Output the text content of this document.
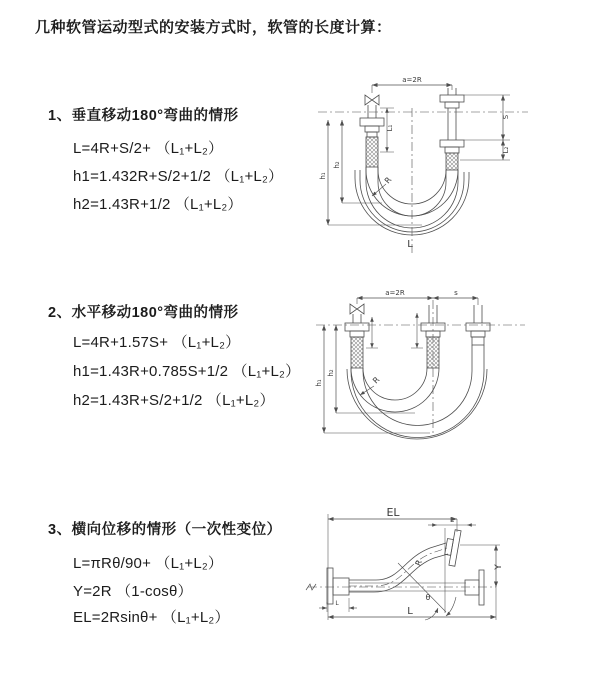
几种软管运动型式的安装方式时，软管的长度计算：
1、垂直移动180°弯曲的情形
L=4R+S/2+ （L₁+L₂）
h1=1.432R+S/2+1/2 （L₁+L₂）
h2=1.43R+1/2 （L₁+L₂）
2、水平移动180°弯曲的情形
L=4R+1.57S+ （L₁+L₂）
h1=1.43R+0.785S+1/2 （L₁+L₂）
h2=1.43R+S/2+1/2 （L₁+L₂）
3、横向位移的情形（一次性变位）
L=πRθ/90+ （L₁+L₂）
Y=2R （1-cosθ）
EL=2Rsinθ+ （L₁+L₂）
a=2R
L₁
h₁
h₂
S
L₂
R
L
a=2R	s
h₁
h₂
R
EL
L
R	Y
θ
L
L
